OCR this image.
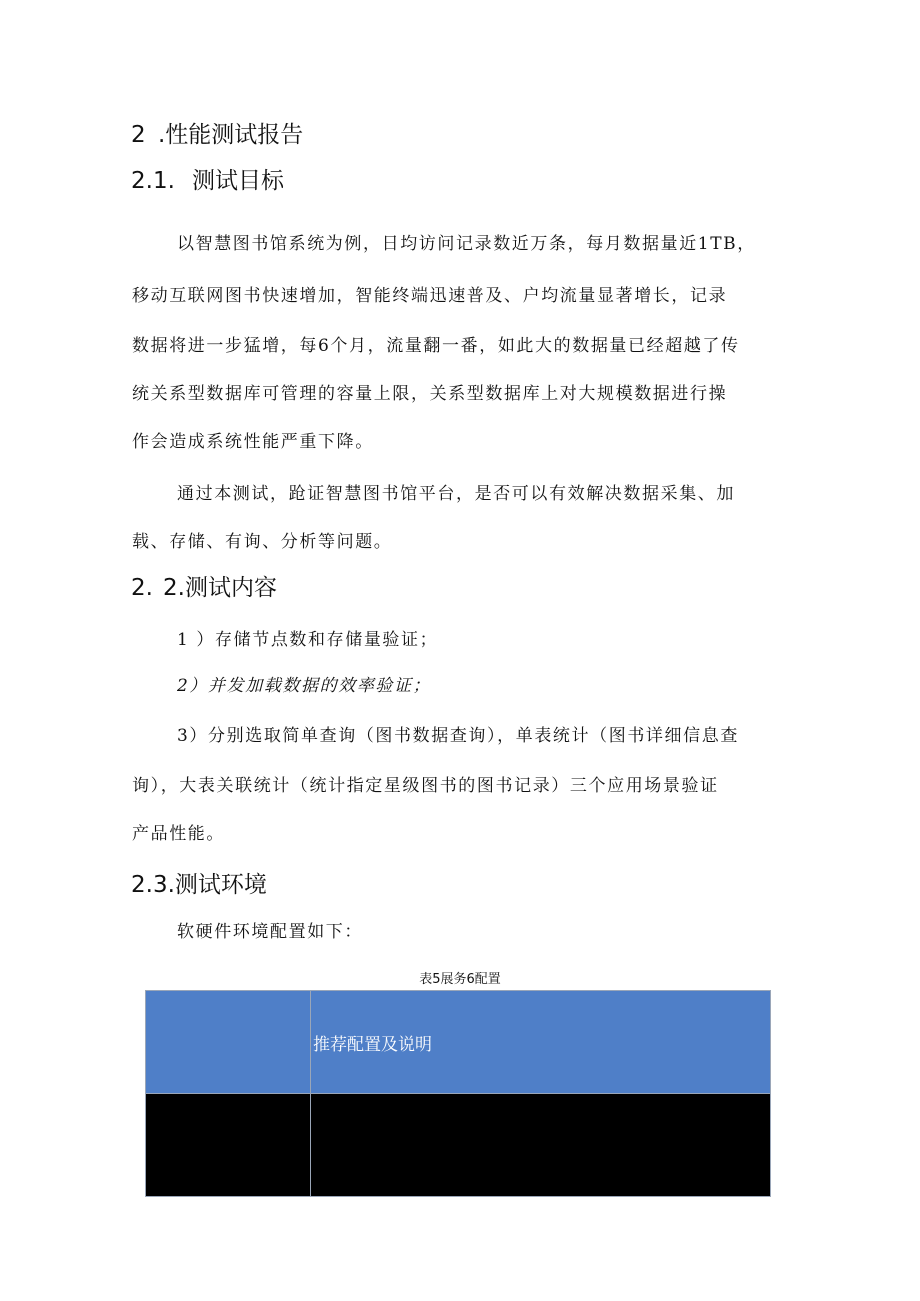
2 .性能测试报告
2.1. 测试目标

以智慧图书馆系统为例，日均访问记录数近万条，每月数据量近1TB，

移动互联网图书快速增加，智能终端迅速普及、户均流量显著增长，记录

数据将进一步猛增，每6个月，流量翻一番，如此大的数据量已经超越了传

统关系型数据库可管理的容量上限，关系型数据库上对大规模数据进行操

作会造成系统性能严重下降。

通过本测试，跄证智慧图书馆平台，是否可以有效解决数据采集、加

载、存储、有询、分析等问题。

2. 2.测试内容

1 ）存储节点数和存储量验证；

2）并发加载数据的效率验证；

3）分别选取简单查询（图书数据查询），单表统计（图书详细信息查

询），大表关联统计（统计指定星级图书的图书记录）三个应用场景验证

产品性能。

2.3.测试环境

软硬件环境配置如下：

表5展务6配置

	推荐配置及说明
